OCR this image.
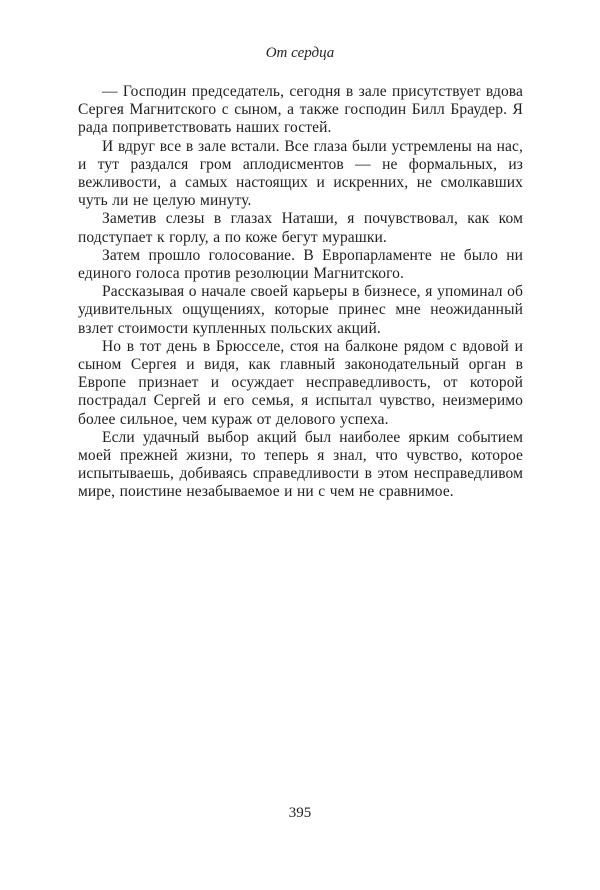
От сердца

— Господин председатель, сегодня в зале присутствует вдова Сергея Магнитского с сыном, а также господин Билл Браудер. Я рада поприветствовать наших гостей.

И вдруг все в зале встали. Все глаза были устремлены на нас, и тут раздался гром аплодисментов — не формальных, из вежливости, а самых настоящих и искренних, не смолкавших чуть ли не целую минуту.

Заметив слезы в глазах Наташи, я почувствовал, как ком подступает к горлу, а по коже бегут мурашки.

Затем прошло голосование. В Европарламенте не было ни единого голоса против резолюции Магнитского.

Рассказывая о начале своей карьеры в бизнесе, я упоминал об удивительных ощущениях, которые принес мне неожиданный взлет стоимости купленных польских акций.

Но в тот день в Брюсселе, стоя на балконе рядом с вдовой и сыном Сергея и видя, как главный законодательный орган в Европе признает и осуждает несправедливость, от которой пострадал Сергей и его семья, я испытал чувство, неизмеримо более сильное, чем кураж от делового успеха.

Если удачный выбор акций был наиболее ярким событием моей прежней жизни, то теперь я знал, что чувство, которое испытываешь, добиваясь справедливости в этом несправедливом мире, поистине незабываемое и ни с чем не сравнимое.

395
